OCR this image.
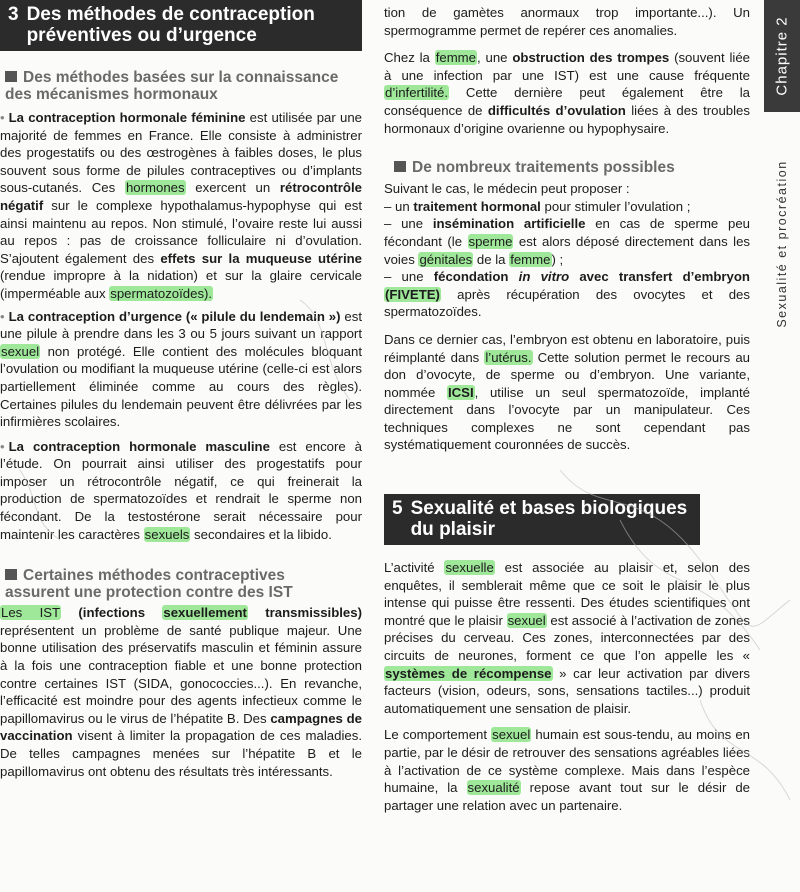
Chapitre 2
Sexualité et procréation
3 Des méthodes de contraception
préventives ou d’urgence
Des méthodes basées sur la connaissance
des mécanismes hormonaux

• La contraception hormonale féminine est utilisée par une majorité de femmes en France. Elle consiste à administrer des progestatifs ou des œstrogènes à faibles doses, le plus souvent sous forme de pilules contraceptives ou d’implants sous-cutanés. Ces hormones exercent un rétrocontrôle négatif sur le complexe hypothalamus-hypophyse qui est ainsi maintenu au repos. Non stimulé, l’ovaire reste lui aussi au repos : pas de croissance folliculaire ni d’ovulation. S’ajoutent également des effets sur la muqueuse utérine (rendue impropre à la nidation) et sur la glaire cervicale (imperméable aux spermatozoïdes).

• La contraception d’urgence (« pilule du lendemain ») est une pilule à prendre dans les 3 ou 5 jours suivant un rapport sexuel non protégé. Elle contient des molécules bloquant l’ovulation ou modifiant la muqueuse utérine (celle-ci est alors partiellement éliminée comme au cours des règles). Certaines pilules du lendemain peuvent être délivrées par les infirmières scolaires.

• La contraception hormonale masculine est encore à l’étude. On pourrait ainsi utiliser des progestatifs pour imposer un rétrocontrôle négatif, ce qui freinerait la production de spermatozoïdes et rendrait le sperme non fécondant. De la testostérone serait nécessaire pour maintenir les caractères sexuels secondaires et la libido.

Certaines méthodes contraceptives
assurent une protection contre des IST

Les IST (infections sexuellement transmissibles) représentent un problème de santé publique majeur. Une bonne utilisation des préservatifs masculin et féminin assure à la fois une contraception fiable et une bonne protection contre certaines IST (SIDA, gonococcies...). En revanche, l’efficacité est moindre pour des agents infectieux comme le papillomavirus ou le virus de l’hépatite B. Des campagnes de vaccination visent à limiter la propagation de ces maladies. De telles campagnes menées sur l’hépatite B et le papillomavirus ont obtenu des résultats très intéressants.

tion de gamètes anormaux trop importante...). Un spermogramme permet de repérer ces anomalies.

Chez la femme, une obstruction des trompes (souvent liée à une infection par une IST) est une cause fréquente d’infertilité. Cette dernière peut également être la conséquence de difficultés d’ovulation liées à des troubles hormonaux d’origine ovarienne ou hypophysaire.

De nombreux traitements possibles

Suivant le cas, le médecin peut proposer :
– un traitement hormonal pour stimuler l’ovulation ;
– une insémination artificielle en cas de sperme peu fécondant (le sperme est alors déposé directement dans les voies génitales de la femme) ;
– une fécondation in vitro avec transfert d’embryon (FIVETE) après récupération des ovocytes et des spermatozoïdes.

Dans ce dernier cas, l’embryon est obtenu en laboratoire, puis réimplanté dans l’utérus. Cette solution permet le recours au don d’ovocyte, de sperme ou d’embryon. Une variante, nommée ICSI, utilise un seul spermatozoïde, implanté directement dans l’ovocyte par un manipulateur. Ces techniques complexes ne sont cependant pas systématiquement couronnées de succès.

5 Sexualité et bases biologiques
du plaisir

L’activité sexuelle est associée au plaisir et, selon des enquêtes, il semblerait même que ce soit le plaisir le plus intense qui puisse être ressenti. Des études scientifiques ont montré que le plaisir sexuel est associé à l’activation de zones précises du cerveau. Ces zones, interconnectées par des circuits de neurones, forment ce que l’on appelle les « systèmes de récompense » car leur activation par divers facteurs (vision, odeurs, sons, sensations tactiles...) produit automatiquement une sensation de plaisir.

Le comportement sexuel humain est sous-tendu, au moins en partie, par le désir de retrouver des sensations agréables liées à l’activation de ce système complexe. Mais dans l’espèce humaine, la sexualité repose avant tout sur le désir de partager une relation avec un partenaire.
